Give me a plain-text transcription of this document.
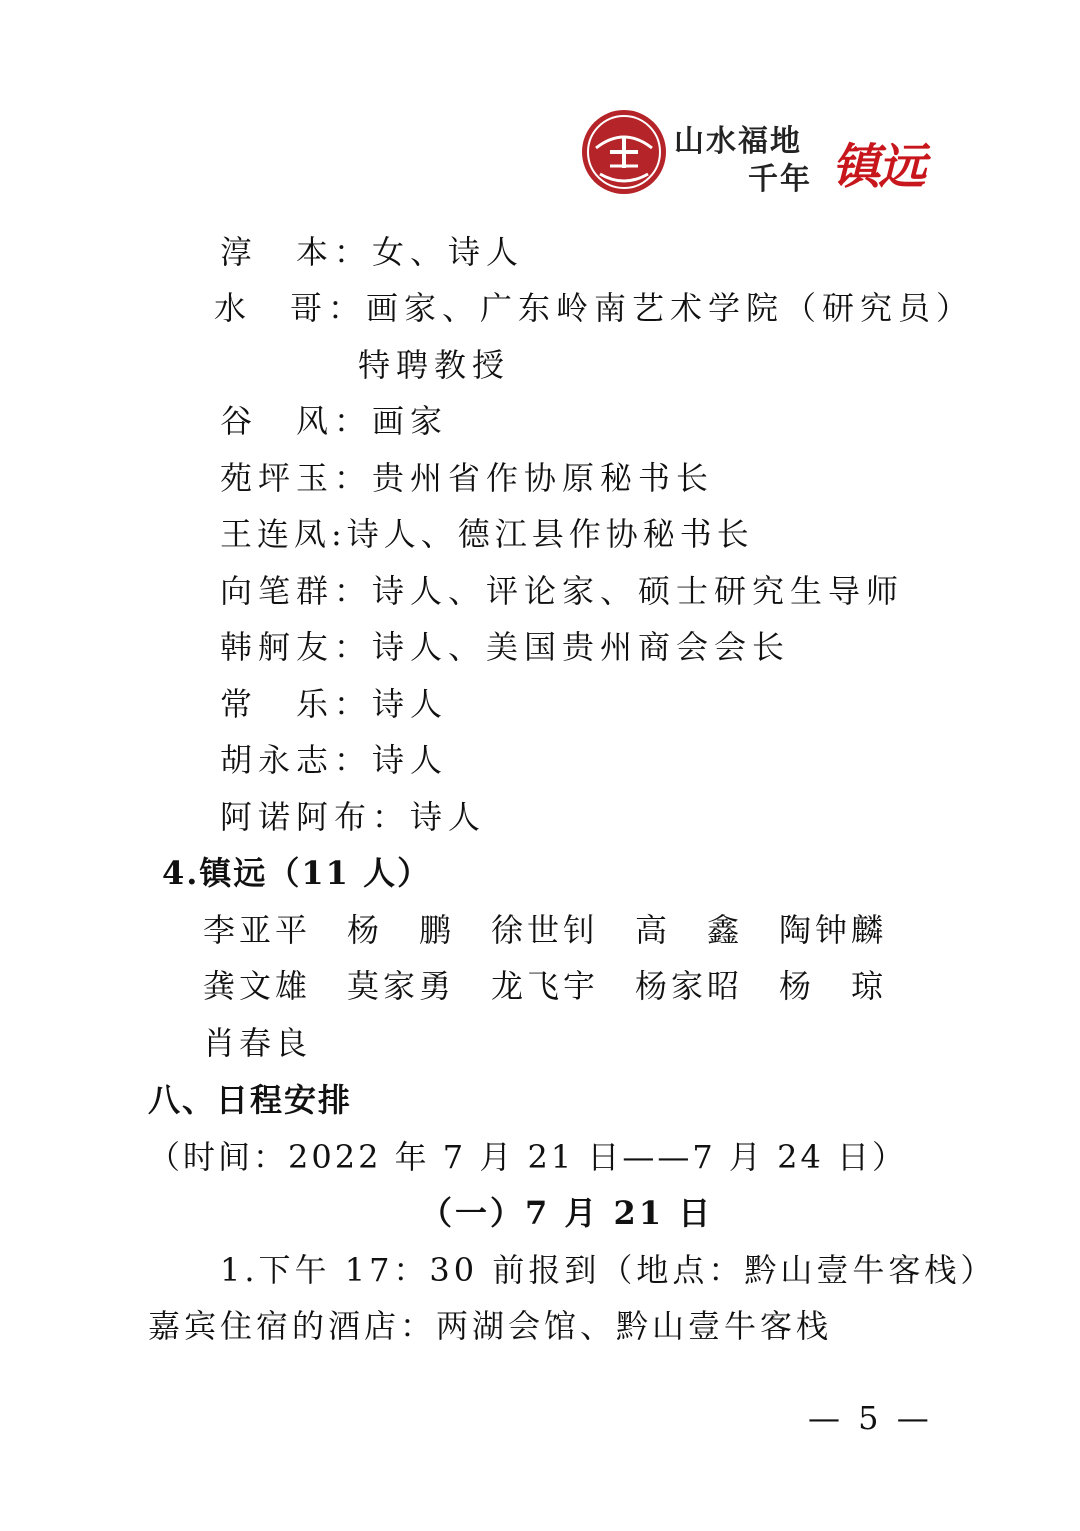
山水福地
千年 镇远
淳　本：女、诗人
水　哥：画家、广东岭南艺术学院（研究员）
特聘教授
谷　风：画家
苑坪玉：贵州省作协原秘书长
王连凤:诗人、德江县作协秘书长
向笔群：诗人、评论家、硕士研究生导师
韩舸友：诗人、美国贵州商会会长
常　乐：诗人
胡永志：诗人
阿诺阿布：诗人
4.镇远（11 人）
李亚平 杨　鹏 徐世钊 高　鑫 陶钟麟
龚文雄 莫家勇 龙飞宇 杨家昭 杨　琼
肖春良
八、日程安排
（时间：2022 年 7 月 21 日——7 月 24 日）
（一）7 月 21 日
1.下午 17：30 前报到（地点：黔山壹牛客栈）
嘉宾住宿的酒店：两湖会馆、黔山壹牛客栈
— 5 —
